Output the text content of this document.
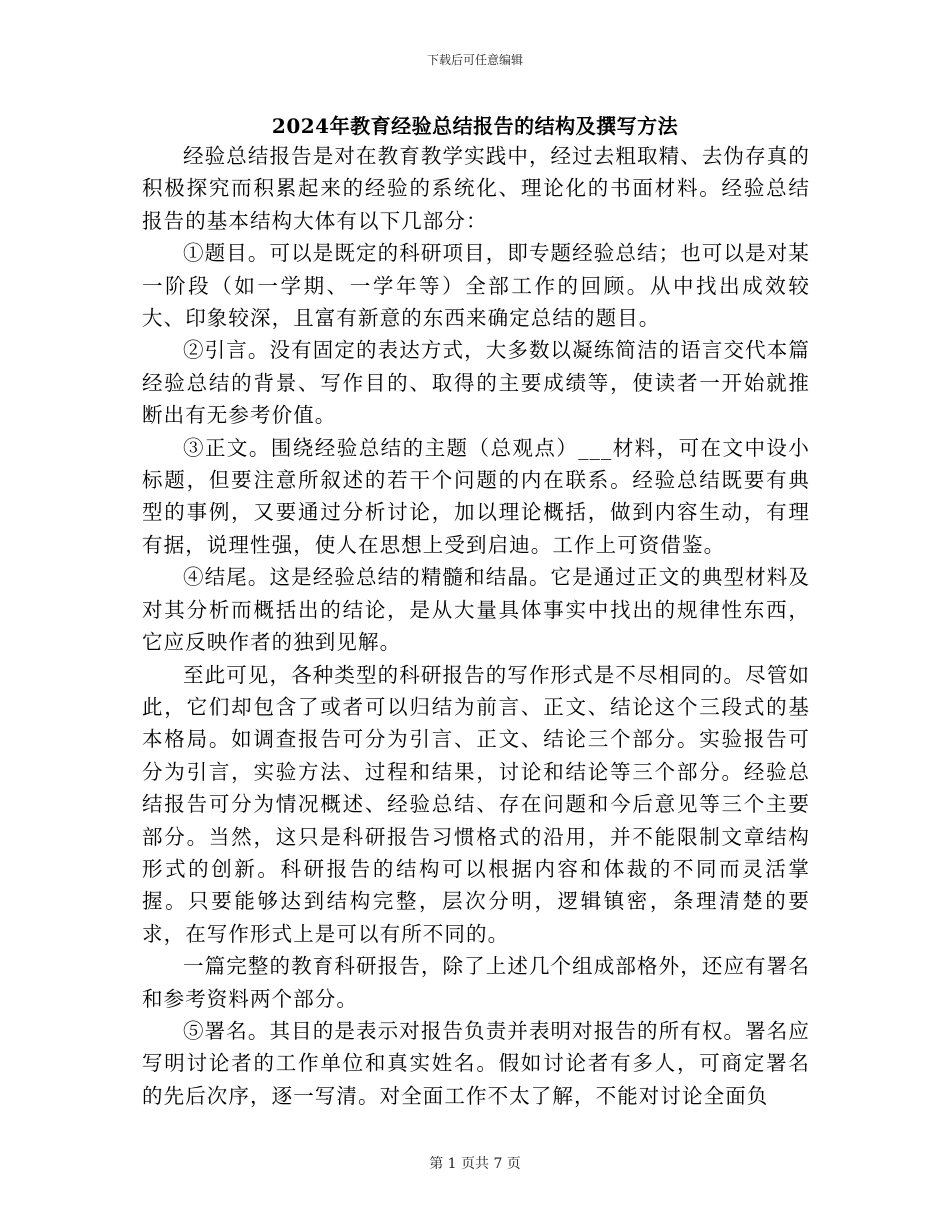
下载后可任意编辑
2024年教育经验总结报告的结构及撰写方法

经验总结报告是对在教育教学实践中，经过去粗取精、去伪存真的积极探究而积累起来的经验的系统化、理论化的书面材料。经验总结报告的基本结构大体有以下几部分：

①题目。可以是既定的科研项目，即专题经验总结；也可以是对某一阶段（如一学期、一学年等）全部工作的回顾。从中找出成效较大、印象较深，且富有新意的东西来确定总结的题目。

②引言。没有固定的表达方式，大多数以凝练简洁的语言交代本篇经验总结的背景、写作目的、取得的主要成绩等，使读者一开始就推断出有无参考价值。

③正文。围绕经验总结的主题（总观点）___材料，可在文中设小标题，但要注意所叙述的若干个问题的内在联系。经验总结既要有典型的事例，又要通过分析讨论，加以理论概括，做到内容生动，有理有据，说理性强，使人在思想上受到启迪。工作上可资借鉴。

④结尾。这是经验总结的精髓和结晶。它是通过正文的典型材料及对其分析而概括出的结论，是从大量具体事实中找出的规律性东西，它应反映作者的独到见解。

至此可见，各种类型的科研报告的写作形式是不尽相同的。尽管如此，它们却包含了或者可以归结为前言、正文、结论这个三段式的基本格局。如调查报告可分为引言、正文、结论三个部分。实验报告可分为引言，实验方法、过程和结果，讨论和结论等三个部分。经验总结报告可分为情况概述、经验总结、存在问题和今后意见等三个主要部分。当然，这只是科研报告习惯格式的沿用，并不能限制文章结构形式的创新。科研报告的结构可以根据内容和体裁的不同而灵活掌握。只要能够达到结构完整，层次分明，逻辑镇密，条理清楚的要求，在写作形式上是可以有所不同的。

一篇完整的教育科研报告，除了上述几个组成部格外，还应有署名和参考资料两个部分。

⑤署名。其目的是表示对报告负责并表明对报告的所有权。署名应写明讨论者的工作单位和真实姓名。假如讨论者有多人，可商定署名的先后次序，逐一写清。对全面工作不太了解，不能对讨论全面负

第 1 页共 7 页
